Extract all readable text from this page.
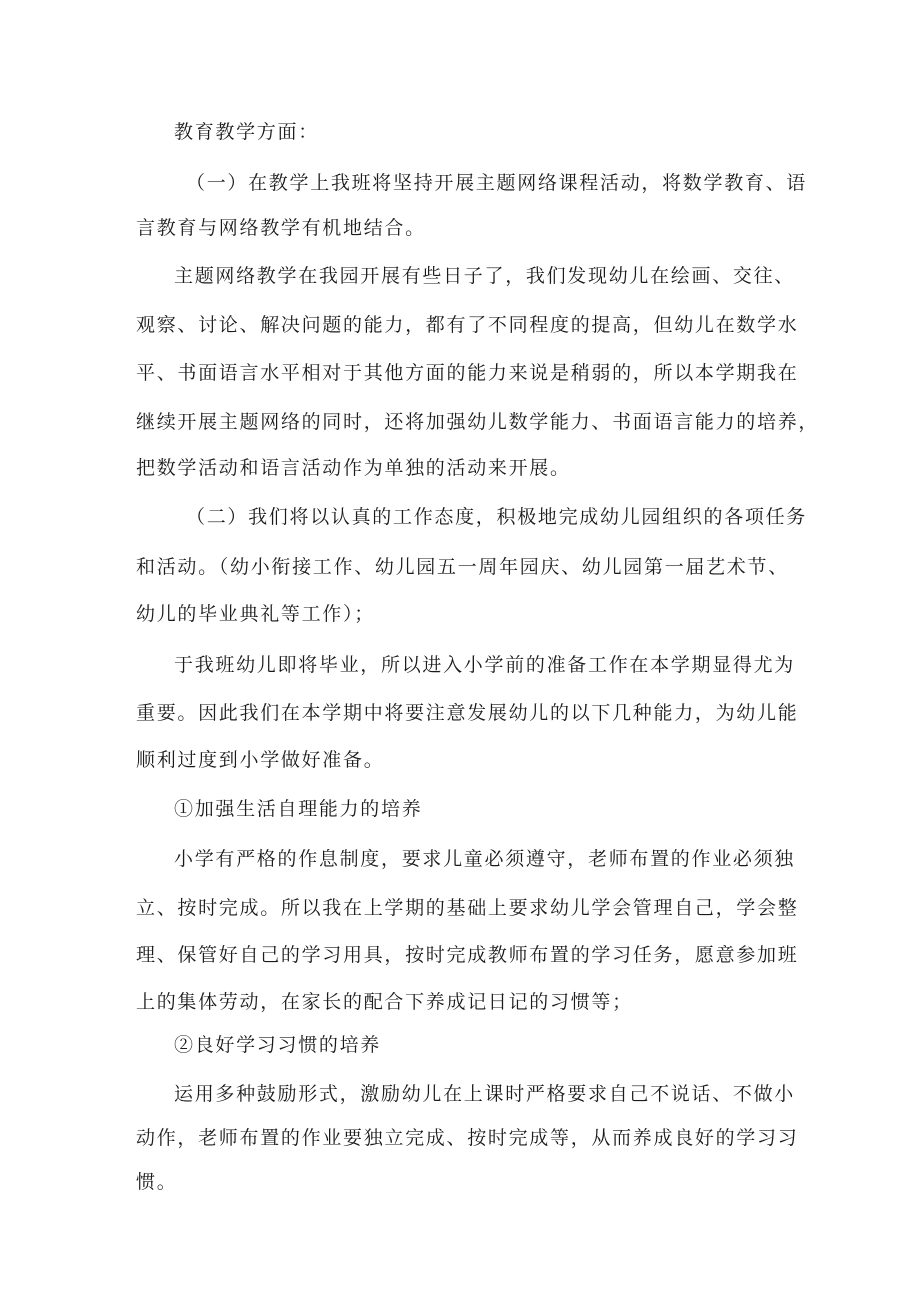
教育教学方面：
（一）在教学上我班将坚持开展主题网络课程活动，将数学教育、语
言教育与网络教学有机地结合。
主题网络教学在我园开展有些日子了，我们发现幼儿在绘画、交往、
观察、讨论、解决问题的能力，都有了不同程度的提高，但幼儿在数学水
平、书面语言水平相对于其他方面的能力来说是稍弱的，所以本学期我在
继续开展主题网络的同时，还将加强幼儿数学能力、书面语言能力的培养，
把数学活动和语言活动作为单独的活动来开展。
（二）我们将以认真的工作态度，积极地完成幼儿园组织的各项任务
和活动。（幼小衔接工作、幼儿园五一周年园庆、幼儿园第一届艺术节、
幼儿的毕业典礼等工作）；
于我班幼儿即将毕业，所以进入小学前的准备工作在本学期显得尤为
重要。因此我们在本学期中将要注意发展幼儿的以下几种能力，为幼儿能
顺利过度到小学做好准备。
①加强生活自理能力的培养
小学有严格的作息制度，要求儿童必须遵守，老师布置的作业必须独
立、按时完成。所以我在上学期的基础上要求幼儿学会管理自己，学会整
理、保管好自己的学习用具，按时完成教师布置的学习任务，愿意参加班
上的集体劳动，在家长的配合下养成记日记的习惯等；
②良好学习习惯的培养
运用多种鼓励形式，激励幼儿在上课时严格要求自己不说话、不做小
动作，老师布置的作业要独立完成、按时完成等，从而养成良好的学习习
惯。
